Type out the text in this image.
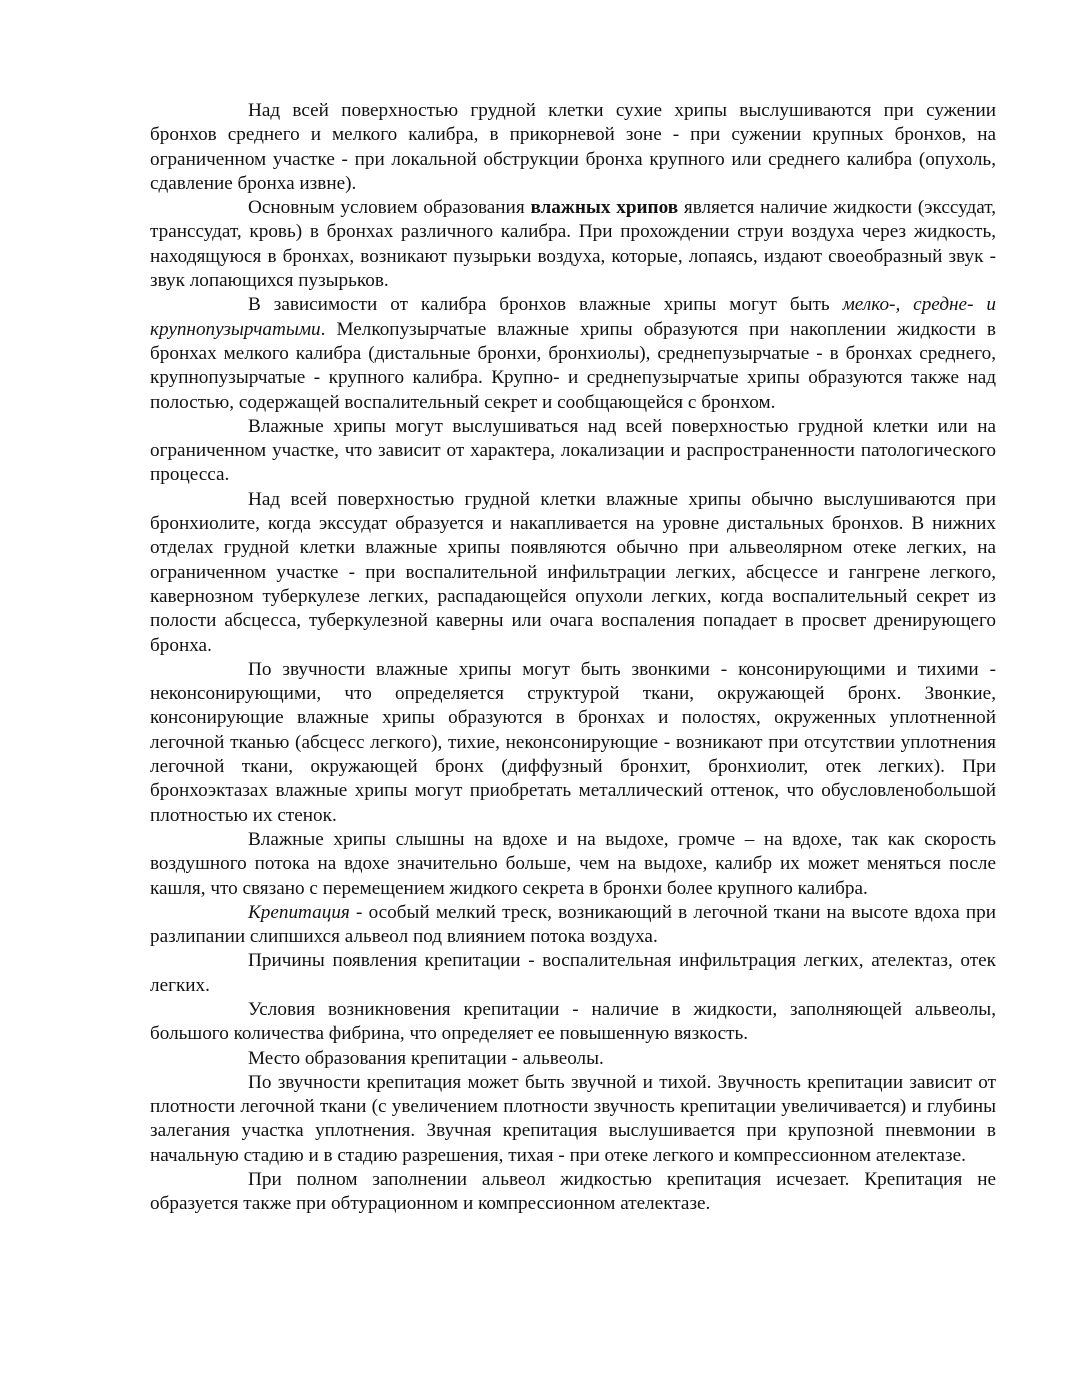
Над всей поверхностью грудной клетки сухие хрипы выслушиваются при сужении бронхов среднего и мелкого калибра, в прикорневой зоне - при сужении крупных бронхов, на ограниченном участке - при локальной обструкции бронха крупного или среднего калибра (опухоль, сдавление бронха извне).

Основным условием образования влажных хрипов является наличие жидкости (экссудат, транссудат, кровь) в бронхах различного калибра. При прохождении струи воздуха через жидкость, находящуюся в бронхах, возникают пузырьки воздуха, которые, лопаясь, издают своеобразный звук - звук лопающихся пузырьков.

В зависимости от калибра бронхов влажные хрипы могут быть мелко-, средне- и крупнопузырчатыми. Мелкопузырчатые влажные хрипы образуются при накоплении жидкости в бронхах мелкого калибра (дистальные бронхи, бронхиолы), среднепузырчатые - в бронхах среднего, крупнопузырчатые - крупного калибра. Крупно- и среднепузырчатые хрипы образуются также над полостью, содержащей воспалительный секрет и сообщающейся с бронхом.

Влажные хрипы могут выслушиваться над всей поверхностью грудной клетки или на ограниченном участке, что зависит от характера, локализации и распространенности патологического процесса.

Над всей поверхностью грудной клетки влажные хрипы обычно выслушиваются при бронхиолите, когда экссудат образуется и накапливается на уровне дистальных бронхов. В нижних отделах грудной клетки влажные хрипы появляются обычно при альвеолярном отеке легких, на ограниченном участке - при воспалительной инфильтрации легких, абсцессе и гангрене легкого, кавернозном туберкулезе легких, распадающейся опухоли легких, когда воспалительный секрет из полости абсцесса, туберкулезной каверны или очага воспаления попадает в просвет дренирующего бронха.

По звучности влажные хрипы могут быть звонкими - консонирующими и тихими - неконсонирующими, что определяется структурой ткани, окружающей бронх. Звонкие, консонирующие влажные хрипы образуются в бронхах и полостях, окруженных уплотненной легочной тканью (абсцесс легкого), тихие, неконсонирующие - возникают при отсутствии уплотнения легочной ткани, окружающей бронх (диффузный бронхит, бронхиолит, отек легких). При бронхоэктазах влажные хрипы могут приобретать металлический оттенок, что обусловленобольшой плотностью их стенок.

Влажные хрипы слышны на вдохе и на выдохе, громче – на вдохе, так как скорость воздушного потока на вдохе значительно больше, чем на выдохе, калибр их может меняться после кашля, что связано с перемещением жидкого секрета в бронхи более крупного калибра.

Крепитация - особый мелкий треск, возникающий в легочной ткани на высоте вдоха при разлипании слипшихся альвеол под влиянием потока воздуха.

Причины появления крепитации - воспалительная инфильтрация легких, ателектаз, отек легких.

Условия возникновения крепитации - наличие в жидкости, заполняющей альвеолы, большого количества фибрина, что определяет ее повышенную вязкость.

Место образования крепитации - альвеолы.

По звучности крепитация может быть звучной и тихой. Звучность крепитации зависит от плотности легочной ткани (с увеличением плотности звучность крепитации увеличивается) и глубины залегания участка уплотнения. Звучная крепитация выслушивается при крупозной пневмонии в начальную стадию и в стадию разрешения, тихая - при отеке легкого и компрессионном ателектазе.

При полном заполнении альвеол жидкостью крепитация исчезает. Крепитация не образуется также при обтурационном и компрессионном ателектазе.
